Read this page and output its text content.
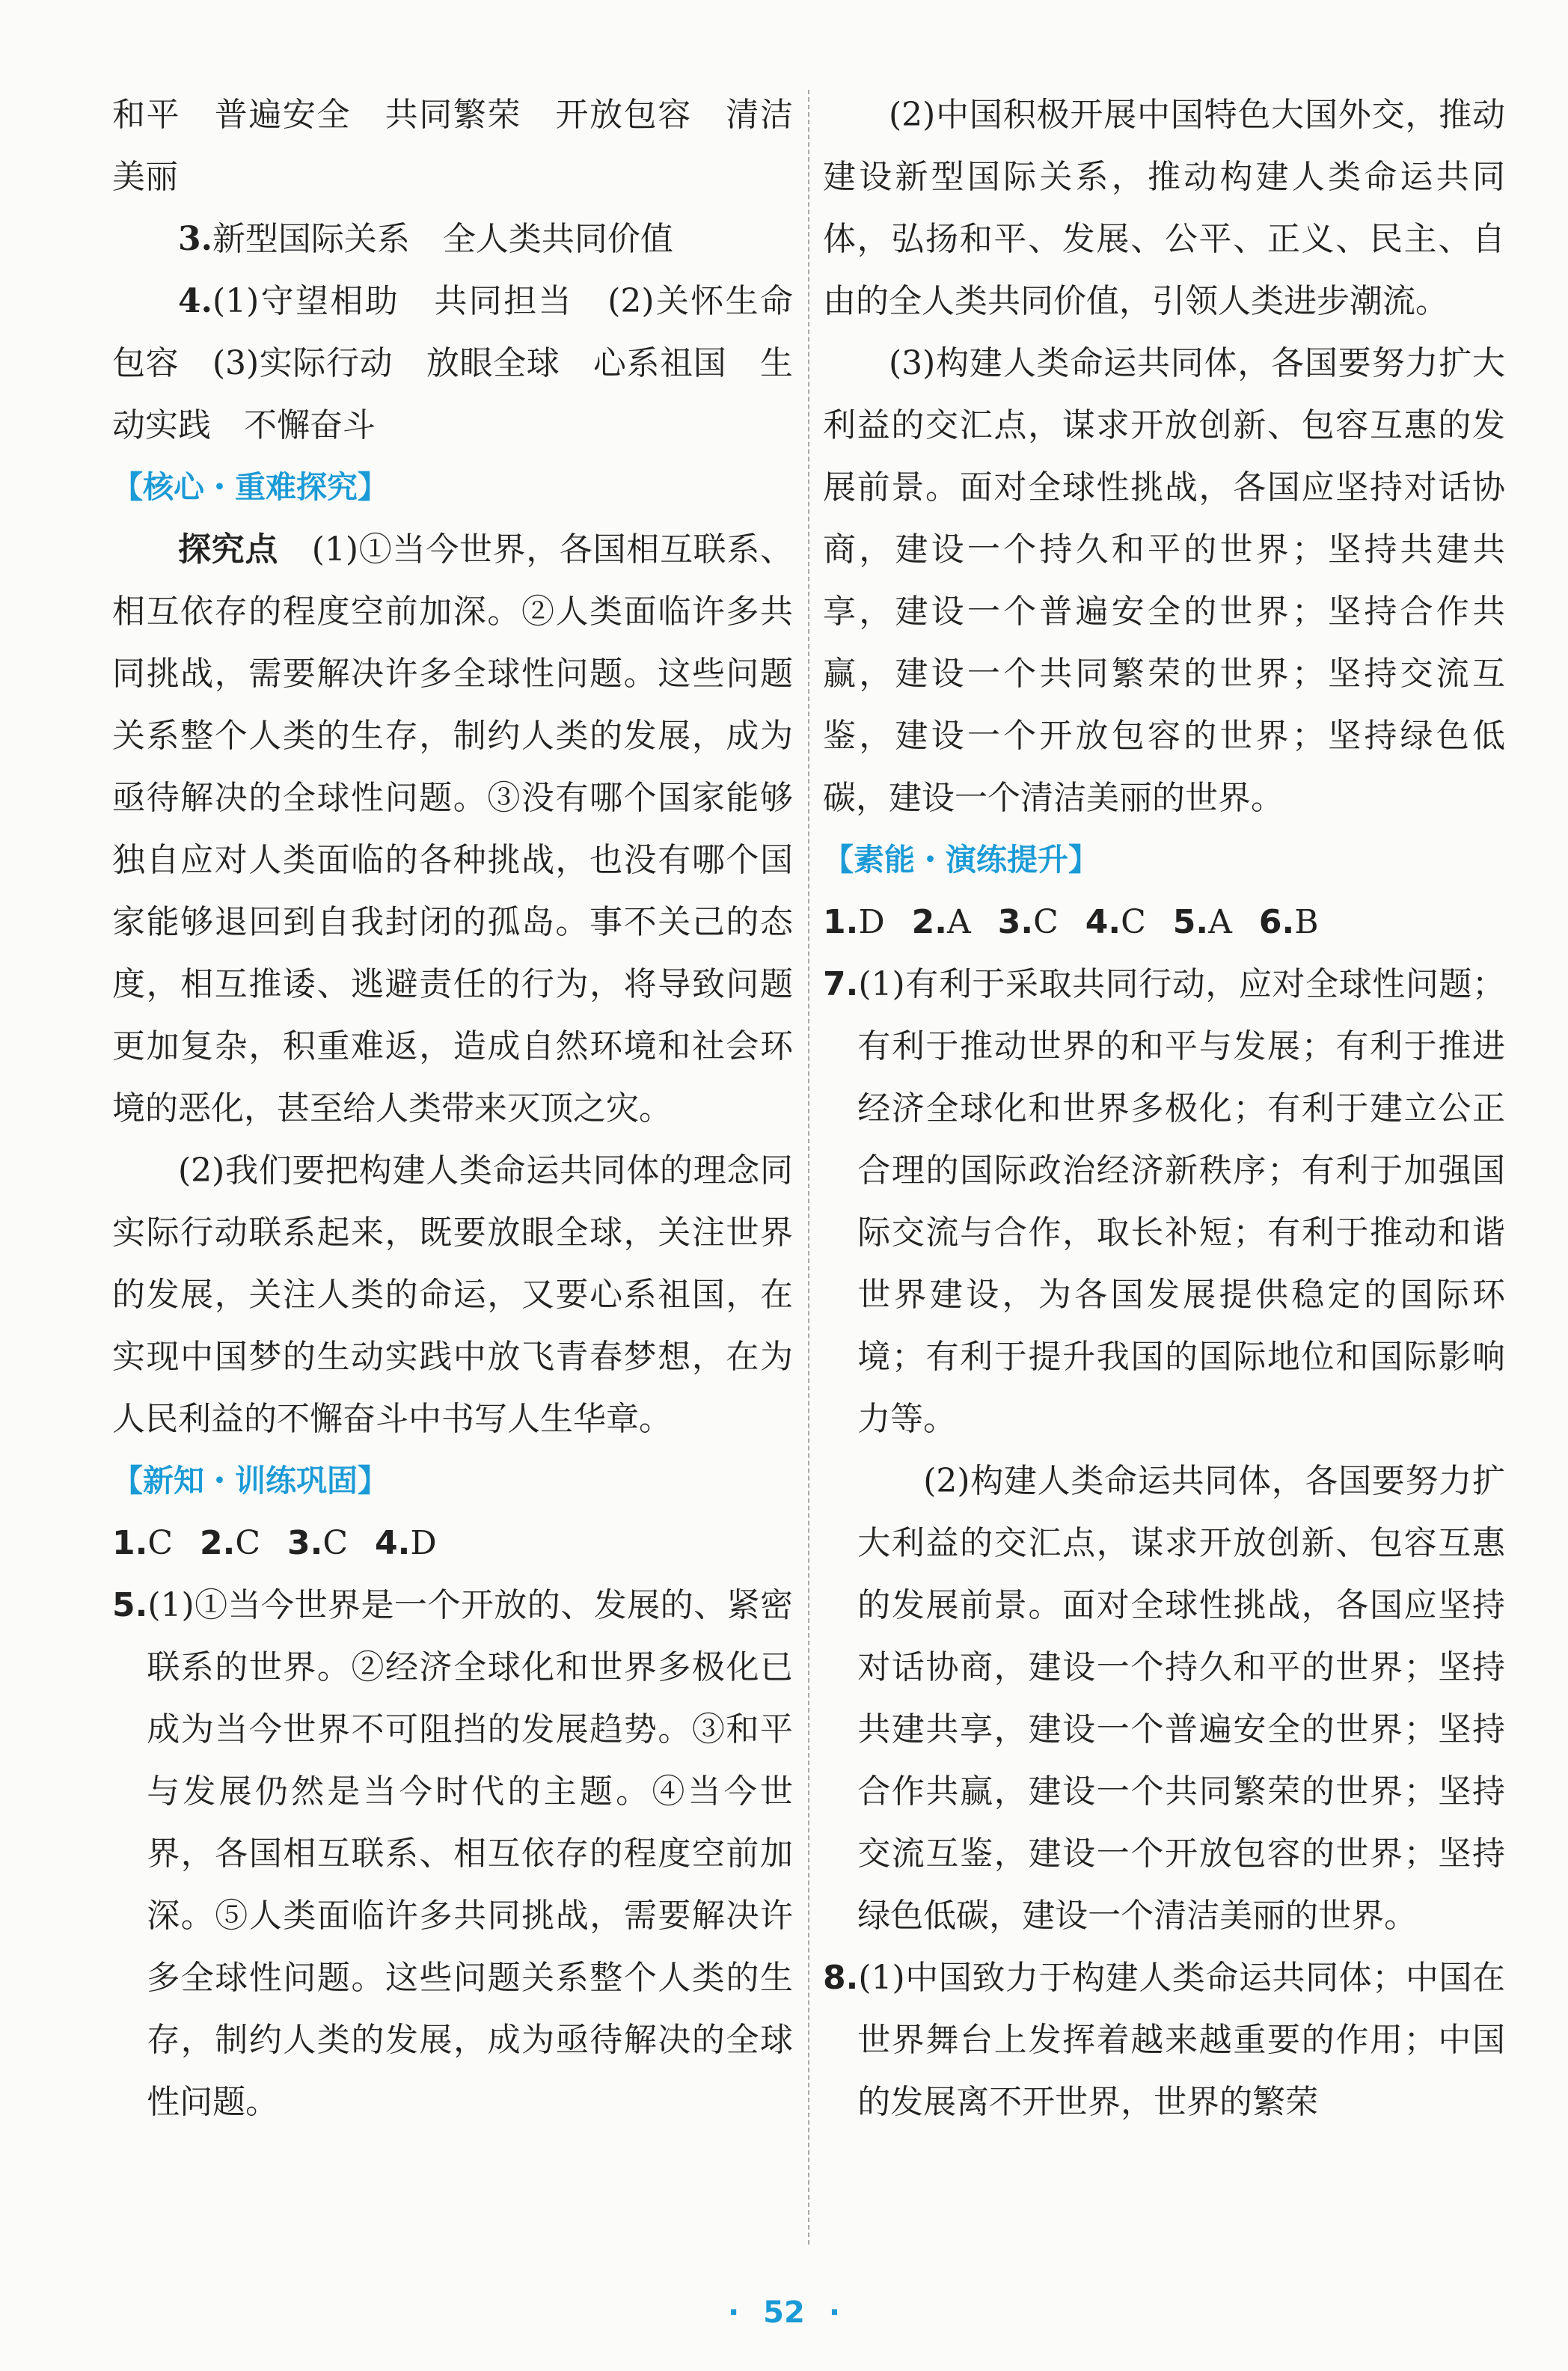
和平　普遍安全　共同繁荣　开放包容　清洁美丽

3.新型国际关系　全人类共同价值

4.(1)守望相助　共同担当　(2)关怀生命　包容　(3)实际行动　放眼全球　心系祖国　生动实践　不懈奋斗

【核心・重难探究】

探究点　(1)①当今世界，各国相互联系、相互依存的程度空前加深。②人类面临许多共同挑战，需要解决许多全球性问题。这些问题关系整个人类的生存，制约人类的发展，成为亟待解决的全球性问题。③没有哪个国家能够独自应对人类面临的各种挑战，也没有哪个国家能够退回到自我封闭的孤岛。事不关己的态度，相互推诿、逃避责任的行为，将导致问题更加复杂，积重难返，造成自然环境和社会环境的恶化，甚至给人类带来灭顶之灾。

(2)我们要把构建人类命运共同体的理念同实际行动联系起来，既要放眼全球，关注世界的发展，关注人类的命运，又要心系祖国，在实现中国梦的生动实践中放飞青春梦想，在为人民利益的不懈奋斗中书写人生华章。

【新知・训练巩固】

1.C  2.C  3.C  4.D

5.(1)①当今世界是一个开放的、发展的、紧密联系的世界。②经济全球化和世界多极化已成为当今世界不可阻挡的发展趋势。③和平与发展仍然是当今时代的主题。④当今世界，各国相互联系、相互依存的程度空前加深。⑤人类面临许多共同挑战，需要解决许多全球性问题。这些问题关系整个人类的生存，制约人类的发展，成为亟待解决的全球性问题。

(2)中国积极开展中国特色大国外交，推动建设新型国际关系，推动构建人类命运共同体，弘扬和平、发展、公平、正义、民主、自由的全人类共同价值，引领人类进步潮流。

(3)构建人类命运共同体，各国要努力扩大利益的交汇点，谋求开放创新、包容互惠的发展前景。面对全球性挑战，各国应坚持对话协商，建设一个持久和平的世界；坚持共建共享，建设一个普遍安全的世界；坚持合作共赢，建设一个共同繁荣的世界；坚持交流互鉴，建设一个开放包容的世界；坚持绿色低碳，建设一个清洁美丽的世界。

【素能・演练提升】

1.D  2.A  3.C  4.C  5.A  6.B

7.(1)有利于采取共同行动，应对全球性问题；有利于推动世界的和平与发展；有利于推进经济全球化和世界多极化；有利于建立公正合理的国际政治经济新秩序；有利于加强国际交流与合作，取长补短；有利于推动和谐世界建设，为各国发展提供稳定的国际环境；有利于提升我国的国际地位和国际影响力等。

(2)构建人类命运共同体，各国要努力扩大利益的交汇点，谋求开放创新、包容互惠的发展前景。面对全球性挑战，各国应坚持对话协商，建设一个持久和平的世界；坚持共建共享，建设一个普遍安全的世界；坚持合作共赢，建设一个共同繁荣的世界；坚持交流互鉴，建设一个开放包容的世界；坚持绿色低碳，建设一个清洁美丽的世界。

8.(1)中国致力于构建人类命运共同体；中国在世界舞台上发挥着越来越重要的作用；中国的发展离不开世界，世界的繁荣

· 52 ·
